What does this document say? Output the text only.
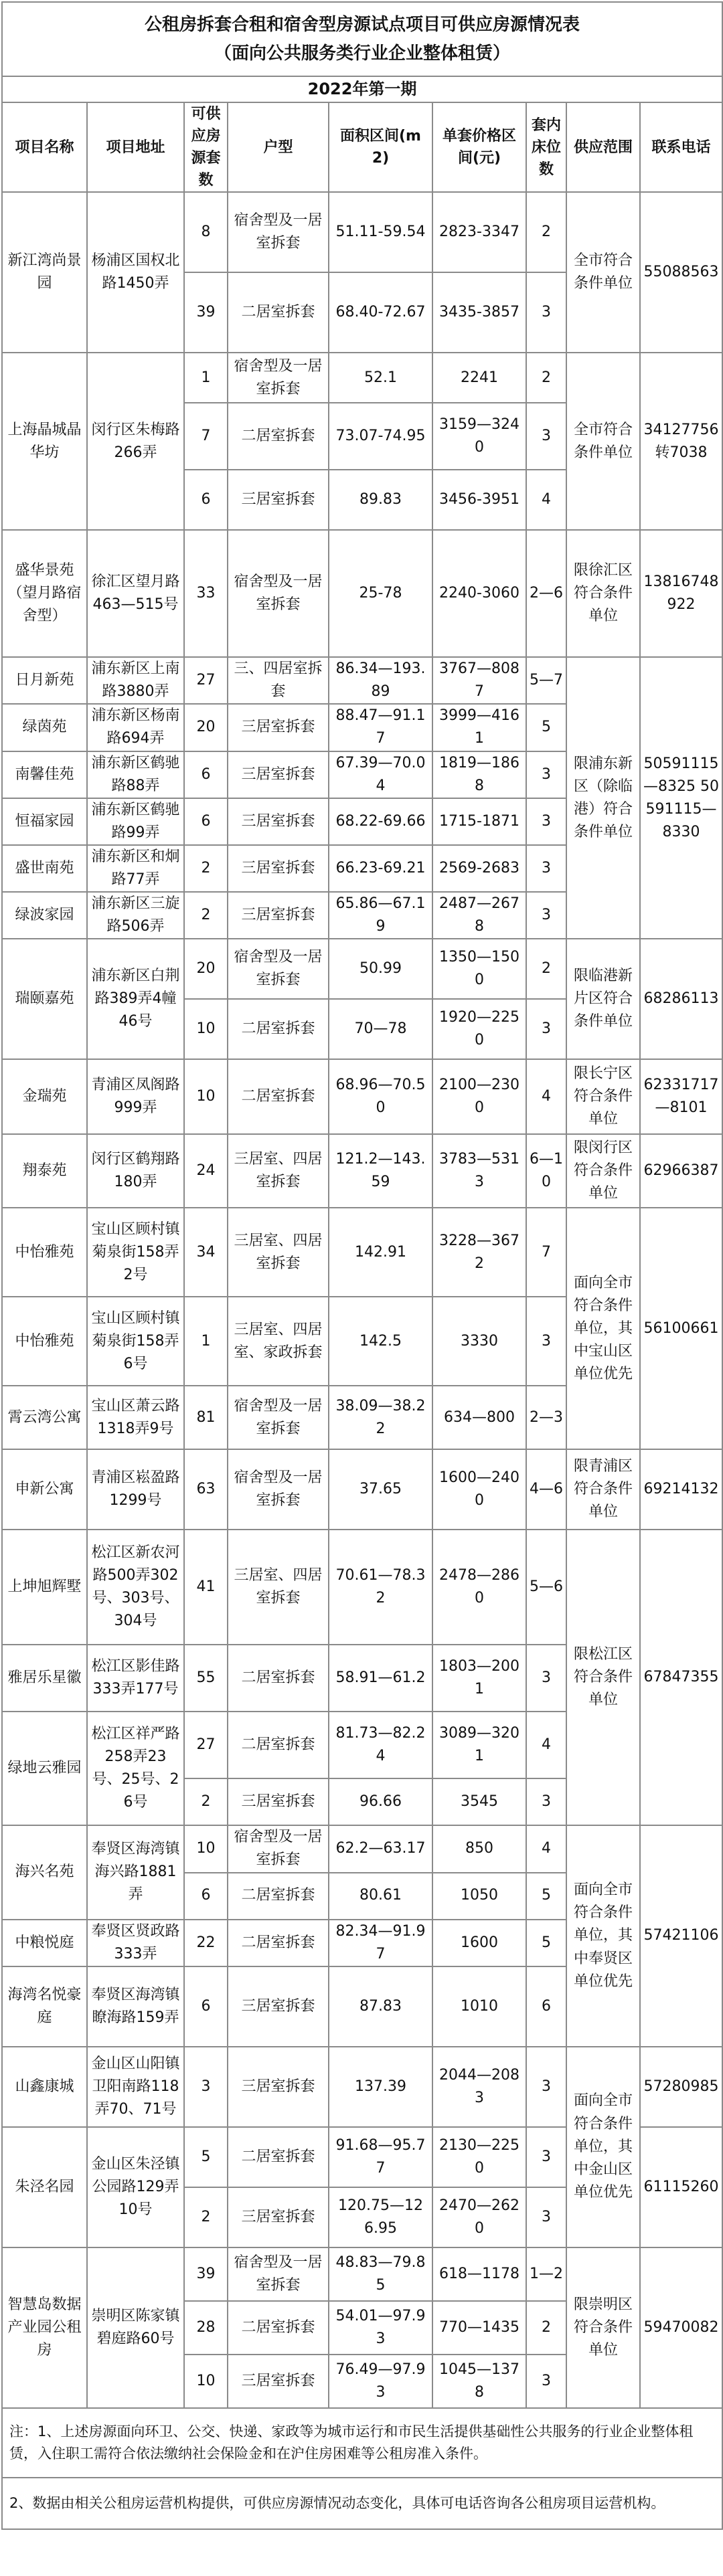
公租房拆套合租和宿舍型房源试点项目可供应房源情况表
（面向公共服务类行业企业整体租赁）								

2022年第一期								
项目名称	项目地址	可供应房源套数	户型	面积区间(m2)	单套价格区间(元)	套内床位数	供应范围	联系电话
新江湾尚景园	杨浦区国权北路1450弄	8	宿舍型及一居室拆套	51.11-59.54	2823-3347	2	全市符合条件单位	55088563
		39	二居室拆套	68.40-72.67	3435-3857	3		
上海晶城晶华坊	闵行区朱梅路266弄	1	宿舍型及一居室拆套	52.1	2241	2	全市符合条件单位	34127756转7038
		7	二居室拆套	73.07-74.95	3159—3240	3		
		6	三居室拆套	89.83	3456-3951	4		
盛华景苑（望月路宿舍型）	徐汇区望月路463—515号	33	宿舍型及一居室拆套	25-78	2240-3060	2—6	限徐汇区符合条件单位	13816748922
日月新苑	浦东新区上南路3880弄	27	三、四居室拆套	86.34—193.89	3767—8087	5—7	限浦东新区（除临港）符合条件单位	50591115—8325 50591115—8330
绿茵苑	浦东新区杨南路694弄	20	三居室拆套	88.47—91.17	3999—4161	5		
南馨佳苑	浦东新区鹤驰路88弄	6	三居室拆套	67.39—70.04	1819—1868	3		
恒福家园	浦东新区鹤驰路99弄	6	三居室拆套	68.22-69.66	1715-1871	3		
盛世南苑	浦东新区和炯路77弄	2	三居室拆套	66.23-69.21	2569-2683	3		
绿波家园	浦东新区三旋路506弄	2	三居室拆套	65.86—67.19	2487—2678	3		
瑞颐嘉苑	浦东新区白荆路389弄4幢46号	20	宿舍型及一居室拆套	50.99	1350—1500	2	限临港新片区符合条件单位	68286113
		10	二居室拆套	70—78	1920—2250	3		
金瑞苑	青浦区凤阁路999弄	10	二居室拆套	68.96—70.50	2100—2300	4	限长宁区符合条件单位	62331717—8101
翔泰苑	闵行区鹤翔路180弄	24	三居室、四居室拆套	121.2—143.59	3783—5313	6—10	限闵行区符合条件单位	62966387
中怡雅苑	宝山区顾村镇菊泉街158弄2号	34	三居室、四居室拆套	142.91	3228—3672	7	面向全市符合条件单位，其中宝山区单位优先	56100661
中怡雅苑	宝山区顾村镇菊泉街158弄6号	1	三居室、四居室、家政拆套	142.5	3330	3		
霄云湾公寓	宝山区萧云路1318弄9号	81	宿舍型及一居室拆套	38.09—38.22	634—800	2—3		
申新公寓	青浦区崧盈路1299号	63	宿舍型及一居室拆套	37.65	1600—2400	4—6	限青浦区符合条件单位	69214132
上坤旭辉墅	松江区新农河路500弄302号、303号、304号	41	三居室、四居室拆套	70.61—78.32	2478—2860	5—6	限松江区符合条件单位	67847355
雅居乐星徽	松江区影佳路333弄177号	55	二居室拆套	58.91—61.2	1803—2001	3		
绿地云雅园	松江区祥严路258弄23号、25号、26号	27	二居室拆套	81.73—82.24	3089—3201	4		
		2	三居室拆套	96.66	3545	3		
海兴名苑	奉贤区海湾镇海兴路1881弄	10	宿舍型及一居室拆套	62.2—63.17	850	4	面向全市符合条件单位，其中奉贤区单位优先	57421106
		6	二居室拆套	80.61	1050	5		
中粮悦庭	奉贤区贤政路333弄	22	二居室拆套	82.34—91.97	1600	5		
海湾名悦豪庭	奉贤区海湾镇瞭海路159弄	6	三居室拆套	87.83	1010	6		
山鑫康城	金山区山阳镇卫阳南路118弄70、71号	3	三居室拆套	137.39	2044—2083	3	面向全市符合条件单位，其中金山区单位优先	57280985
朱泾名园	金山区朱泾镇公园路129弄10号	5	二居室拆套	91.68—95.77	2130—2250	3		61115260
		2	三居室拆套	120.75—126.95	2470—2620	3		
智慧岛数据产业园公租房	崇明区陈家镇碧庭路60号	39	宿舍型及一居室拆套	48.83—79.85	618—1178	1—2	限崇明区符合条件单位	59470082
		28	二居室拆套	54.01—97.93	770—1435	2		
		10	三居室拆套	76.49—97.93	1045—1378	3		
注：1、上述房源面向环卫、公交、快递、家政等为城市运行和市民生活提供基础性公共服务的行业企业整体租赁，入住职工需符合依法缴纳社会保险金和在沪住房困难等公租房准入条件。								
2、数据由相关公租房运营机构提供，可供应房源情况动态变化，具体可电话咨询各公租房项目运营机构。								
